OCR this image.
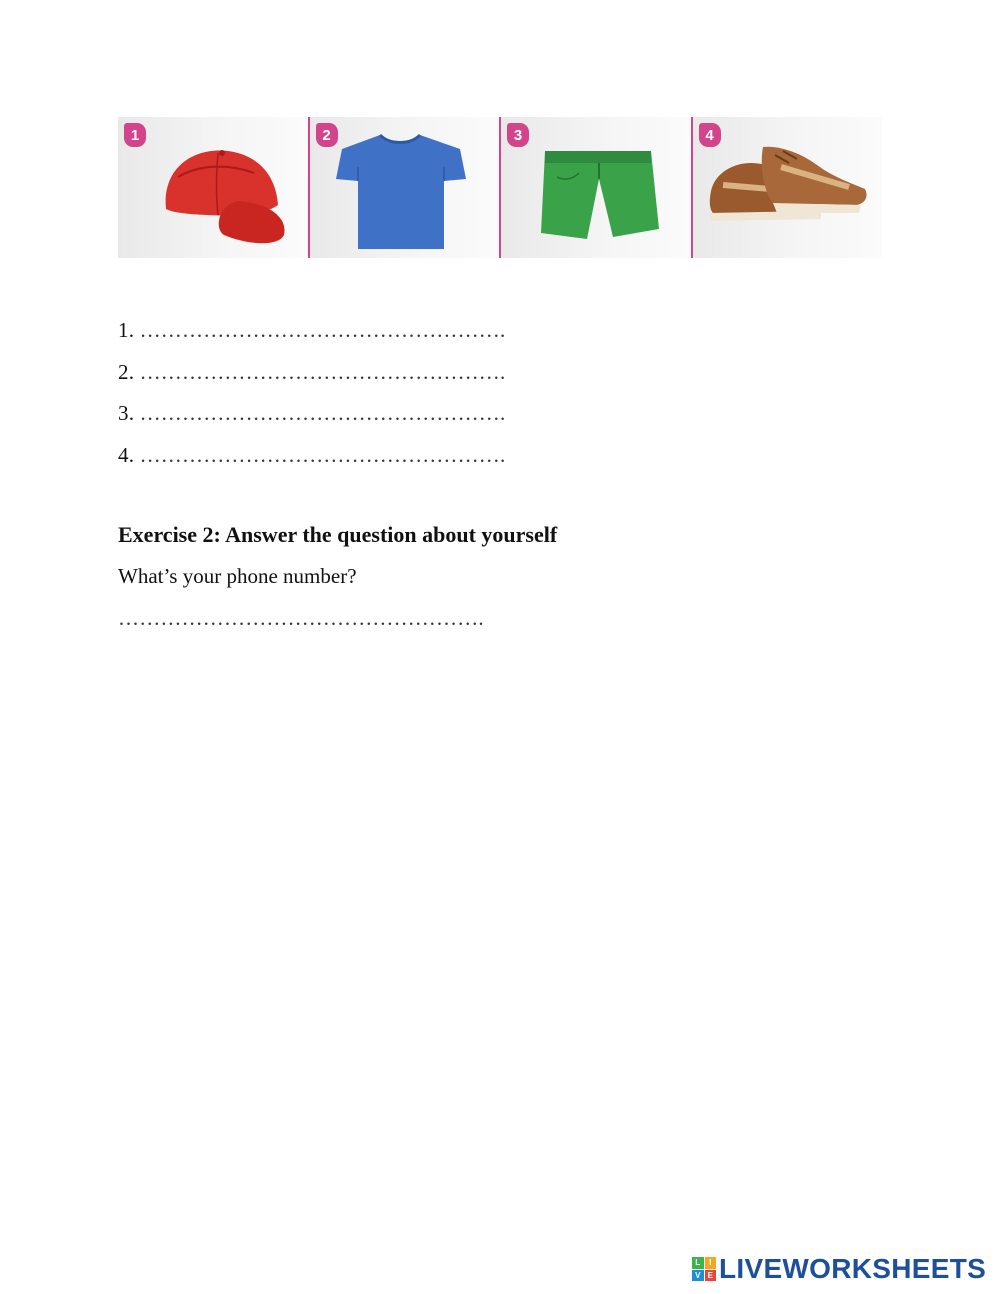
1	2	3	4
1. …………………………………………….
2. …………………………………………….
3. …………………………………………….
4. …………………………………………….
Exercise 2: Answer the question about yourself
What’s your phone number?
…………………………………………….
L	I
V E LIVEWORKSHEETS
